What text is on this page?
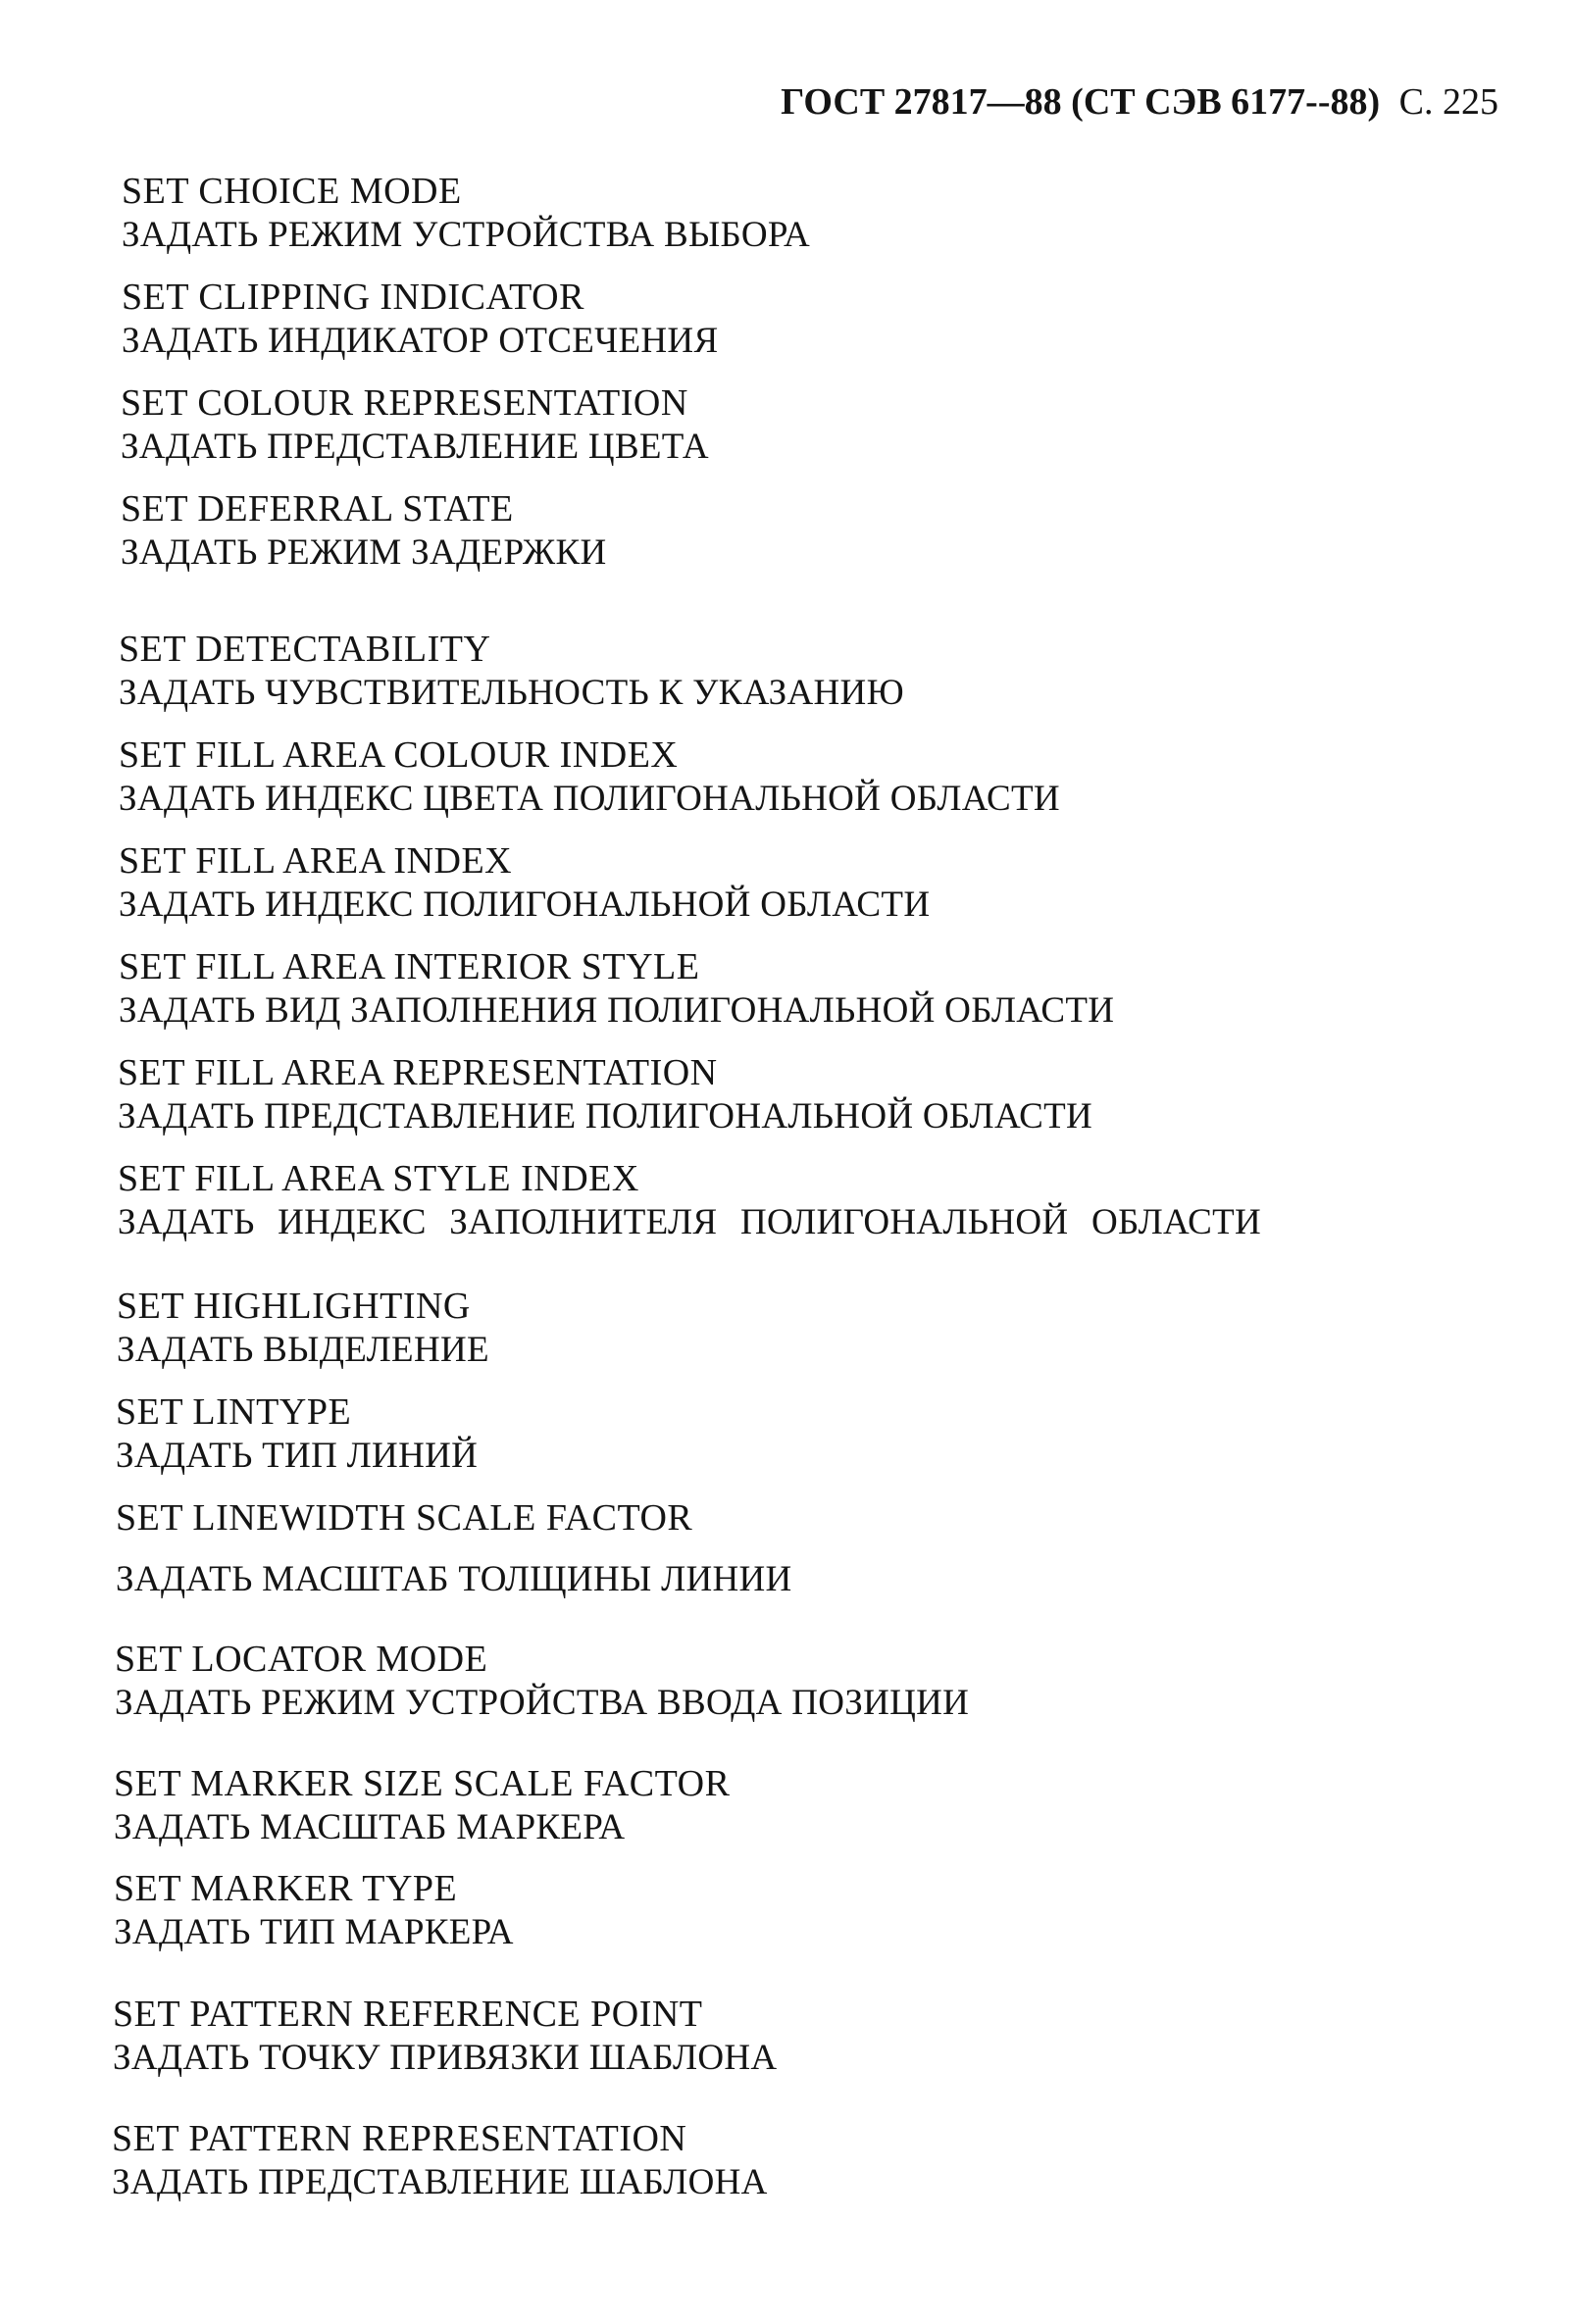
ГОСТ 27817—88 (СТ СЭВ 6177--88) С. 225
SET CHOICE MODE
ЗАДАТЬ РЕЖИМ УСТРОЙСТВА ВЫБОРА
SET CLIPPING INDICATOR
ЗАДАТЬ ИНДИКАТОР ОТСЕЧЕНИЯ
SET COLOUR REPRESENTATION
ЗАДАТЬ ПРЕДСТАВЛЕНИЕ ЦВЕТА
SET DEFERRAL STATE
ЗАДАТЬ РЕЖИМ ЗАДЕРЖКИ
SET DETECTABILITY
ЗАДАТЬ ЧУВСТВИТЕЛЬНОСТЬ К УКАЗАНИЮ
SET FILL AREA COLOUR INDEX
ЗАДАТЬ ИНДЕКС ЦВЕТА ПОЛИГОНАЛЬНОЙ ОБЛАСТИ
SET FILL AREA INDEX
ЗАДАТЬ ИНДЕКС ПОЛИГОНАЛЬНОЙ ОБЛАСТИ
SET FILL AREA INTERIOR STYLE
ЗАДАТЬ ВИД ЗАПОЛНЕНИЯ ПОЛИГОНАЛЬНОЙ ОБЛАСТИ
SET FILL AREA REPRESENTATION
ЗАДАТЬ ПРЕДСТАВЛЕНИЕ ПОЛИГОНАЛЬНОЙ ОБЛАСТИ
SET FILL AREA STYLE INDEX
ЗАДАТЬ ИНДЕКС ЗАПОЛНИТЕЛЯ ПОЛИГОНАЛЬНОЙ ОБЛАСТИ
SET HIGHLIGHTING
ЗАДАТЬ ВЫДЕЛЕНИЕ
SET LINTYPE
ЗАДАТЬ ТИП ЛИНИЙ
SET LINEWIDTH SCALE FACTOR
ЗАДАТЬ МАСШТАБ ТОЛЩИНЫ ЛИНИИ
SET LOCATOR MODE
ЗАДАТЬ РЕЖИМ УСТРОЙСТВА ВВОДА ПОЗИЦИИ
SET MARKER SIZE SCALE FACTOR
ЗАДАТЬ МАСШТАБ МАРКЕРА
SET MARKER TYPE
ЗАДАТЬ ТИП МАРКЕРА
SET PATTERN REFERENCE POINT
ЗАДАТЬ ТОЧКУ ПРИВЯЗКИ ШАБЛОНА
SET PATTERN REPRESENTATION
ЗАДАТЬ ПРЕДСТАВЛЕНИЕ ШАБЛОНА
